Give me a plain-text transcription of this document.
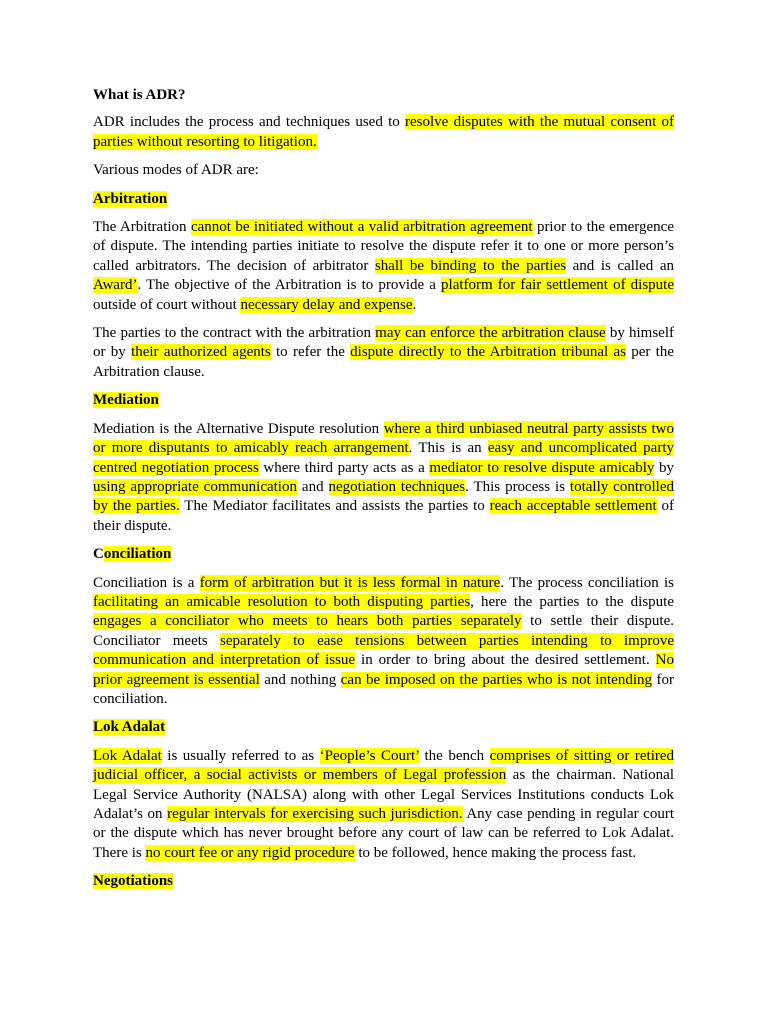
What is ADR?

ADR includes the process and techniques used to resolve disputes with the mutual consent of parties without resorting to litigation.

Various modes of ADR are:

Arbitration

The Arbitration cannot be initiated without a valid arbitration agreement prior to the emergence of dispute. The intending parties initiate to resolve the dispute refer it to one or more person’s called arbitrators. The decision of arbitrator shall be binding to the parties and is called an Award’. The objective of the Arbitration is to provide a platform for fair settlement of dispute outside of court without necessary delay and expense.

The parties to the contract with the arbitration may can enforce the arbitration clause by himself or by their authorized agents to refer the dispute directly to the Arbitration tribunal as per the Arbitration clause.

Mediation

Mediation is the Alternative Dispute resolution where a third unbiased neutral party assists two or more disputants to amicably reach arrangement. This is an easy and uncomplicated party centred negotiation process where third party acts as a mediator to resolve dispute amicably by using appropriate communication and negotiation techniques. This process is totally controlled by the parties. The Mediator facilitates and assists the parties to reach acceptable settlement of their dispute.

Conciliation

Conciliation is a form of arbitration but it is less formal in nature. The process conciliation is facilitating an amicable resolution to both disputing parties, here the parties to the dispute engages a conciliator who meets to hears both parties separately to settle their dispute. Conciliator meets separately to ease tensions between parties intending to improve communication and interpretation of issue in order to bring about the desired settlement. No prior agreement is essential and nothing can be imposed on the parties who is not intending for conciliation.

Lok Adalat

Lok Adalat is usually referred to as ‘People’s Court’ the bench comprises of sitting or retired judicial officer, a social activists or members of Legal profession as the chairman. National Legal Service Authority (NALSA) along with other Legal Services Institutions conducts Lok Adalat’s on regular intervals for exercising such jurisdiction. Any case pending in regular court or the dispute which has never brought before any court of law can be referred to Lok Adalat. There is no court fee or any rigid procedure to be followed, hence making the process fast.

Negotiations
